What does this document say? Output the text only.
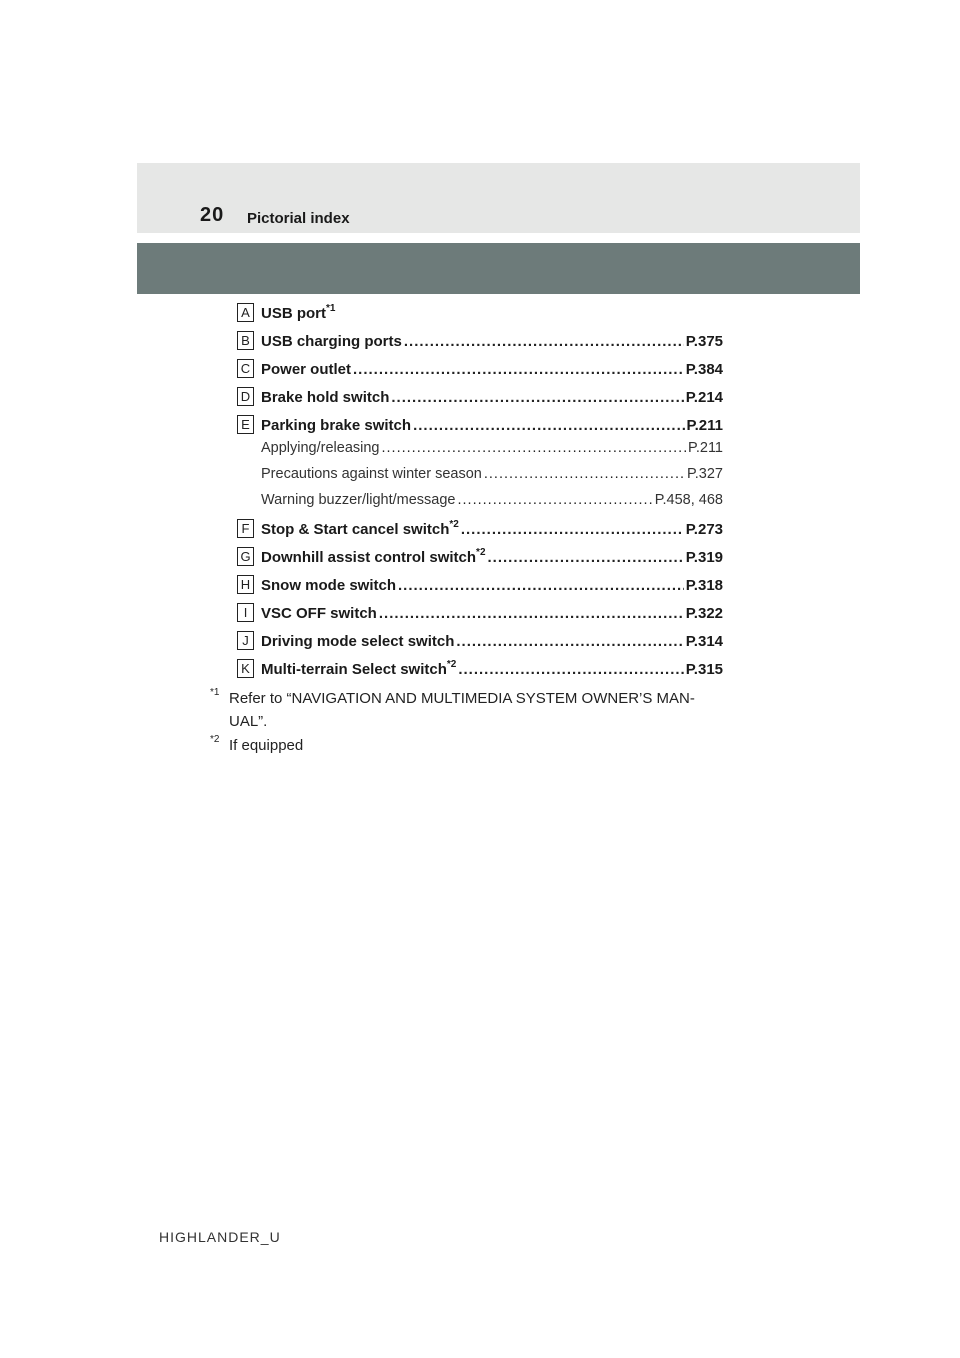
20 Pictorial index
A USB port$^{*1}$
B USB charging ports .....	P.375
C Power outlet .....	P.384
D Brake hold switch .....	P.214
E Parking brake switch .....	P.211
Applying/releasing .....	P.211
Precautions against winter season .....	P.327
Warning buzzer/light/message .....	P.458, 468
F Stop & Start cancel switch$^{*2}$ .....	P.273
G Downhill assist control switch$^{*2}$ .....	P.319
H Snow mode switch .....	P.318
I VSC OFF switch .....	P.322
J Driving mode select switch .....	P.314
K Multi-terrain Select switch$^{*2}$ .....	P.315
*1 Refer to “NAVIGATION AND MULTIMEDIA SYSTEM OWNER’S MAN-UAL”.
*2 If equipped
HIGHLANDER_U
